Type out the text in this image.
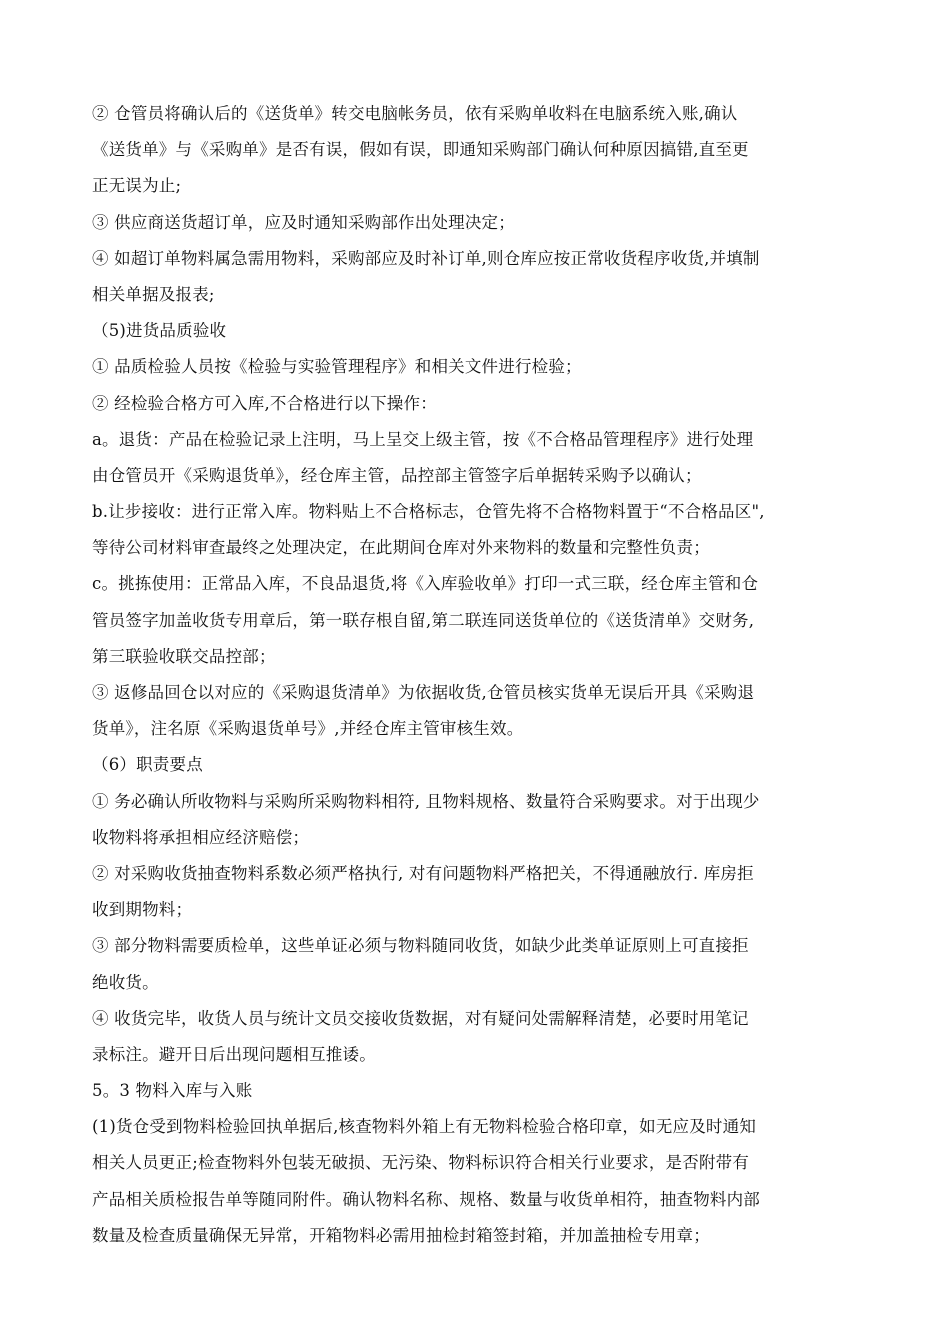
② 仓管员将确认后的《送货单》转交电脑帐务员，依有采购单收料在电脑系统入账,确认
《送货单》与《采购单》是否有误，假如有误，即通知采购部门确认何种原因搞错,直至更
正无误为止;
③ 供应商送货超订单，应及时通知采购部作出处理决定；
④ 如超订单物料属急需用物料，采购部应及时补订单,则仓库应按正常收货程序收货,并填制
相关单据及报表;
（5)进货品质验收
① 品质检验人员按《检验与实验管理程序》和相关文件进行检验；
② 经检验合格方可入库,不合格进行以下操作：
a。退货：产品在检验记录上注明，马上呈交上级主管，按《不合格品管理程序》进行处理
由仓管员开《采购退货单》，经仓库主管，品控部主管签字后单据转采购予以确认；
b.让步接收：进行正常入库。物料贴上不合格标志，仓管先将不合格物料置于“不合格品区",
等待公司材料审查最终之处理决定，在此期间仓库对外来物料的数量和完整性负责；
c。挑拣使用：正常品入库，不良品退货,将《入库验收单》打印一式三联，经仓库主管和仓
管员签字加盖收货专用章后，第一联存根自留,第二联连同送货单位的《送货清单》交财务,
第三联验收联交品控部；
③ 返修品回仓以对应的《采购退货清单》为依据收货,仓管员核实货单无误后开具《采购退
货单》，注名原《采购退货单号》,并经仓库主管审核生效。
（6）职责要点
① 务必确认所收物料与采购所采购物料相符, 且物料规格、数量符合采购要求。对于出现少
收物料将承担相应经济赔偿；
② 对采购收货抽查物料系数必须严格执行, 对有问题物料严格把关，不得通融放行. 库房拒
收到期物料；
③ 部分物料需要质检单，这些单证必须与物料随同收货，如缺少此类单证原则上可直接拒
绝收货。
④ 收货完毕，收货人员与统计文员交接收货数据，对有疑问处需解释清楚，必要时用笔记
录标注。避开日后出现问题相互推诿。
5。3 物料入库与入账
(1)货仓受到物料检验回执单据后,核查物料外箱上有无物料检验合格印章，如无应及时通知
相关人员更正;检查物料外包装无破损、无污染、物料标识符合相关行业要求，是否附带有
产品相关质检报告单等随同附件。确认物料名称、规格、数量与收货单相符，抽查物料内部
数量及检查质量确保无异常，开箱物料必需用抽检封箱签封箱，并加盖抽检专用章；
